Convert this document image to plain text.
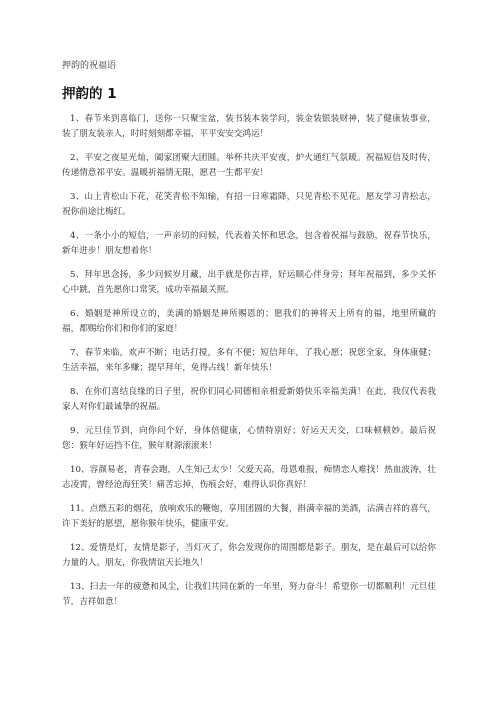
押韵的祝福语
押韵的 1

1、春节来到喜临门，送你一只聚宝盆，装书装本装学问，装金装银装财神，装了健康装事业，装了朋友装亲人，时时刻刻都幸福，平平安安交鸿运！

2、平安之夜星光灿，阖家团聚大团圆。举杯共庆平安夜，炉火通红气氛暖。祝福短信及时传，传递情意祁平安。温暖祈福情无限，愿君一生都平安！

3、山上青松山下花，花笑青松不知输，有招一日寒霜降，只见青松不见花。愿友学习青松志，祝你前途比梅红。

4、一条小小的短信，一声亲切的问候，代表着关怀和思念，包含着祝福与鼓励，祝春节快乐，新年进步！朋友想着你！

5、拜年思念扬，多少问候岁月藏，出手就是你吉祥，好运顺心伴身旁；拜年祝福到，多少关怀心中跳，首先愿你口常笑，成功幸福最关照。

6、婚姻是神所设立的，美满的婚姻是神所赐恩的；愿我们的神将天上所有的福，地里所藏的福，都赐给你们和你们的家庭！

7、春节来临，欢声不断；电话打搅，多有不便；短信拜年，了我心愿；祝您全家，身体康健；生活幸福，来年多赚；提早拜年，免得占线！新年快乐！

8、在你们喜结良缘的日子里，祝你们同心同德相亲相爱新婚快乐幸福美满！在此，我仅代表我家人对你们最诚挚的祝福。

9、元旦佳节到，向你问个好，身体倍健康，心情特别好；好运天天交，口味顿顿妙。最后祝您：猴年好运挡不住，猴年财源滚滚来！

10、容颜易老，青春会跑，人生知己太少！父爱天高，母恩难报，痴情恋人难找！热血波涛，壮志凌霄，曾经沧海狂笑！痛苦忘掉，伤痕会好，难得认识你真好！

11、点燃五彩的烟花，放响欢乐的鞭炮，享用团圆的大餐，斟满幸福的美酒，沾满吉祥的喜气，许下美好的愿望，愿你猴年快乐，健康平安。

12、爱情是灯，友情是影子，当灯灭了，你会发现你的周围都是影子。朋友，是在最后可以给你力量的人。朋友，你我情谊天长地久！

13、扫去一年的疲惫和风尘，让我们共同在新的一年里，努力奋斗！希望你一切都顺利！元旦佳节，吉祥如意！
